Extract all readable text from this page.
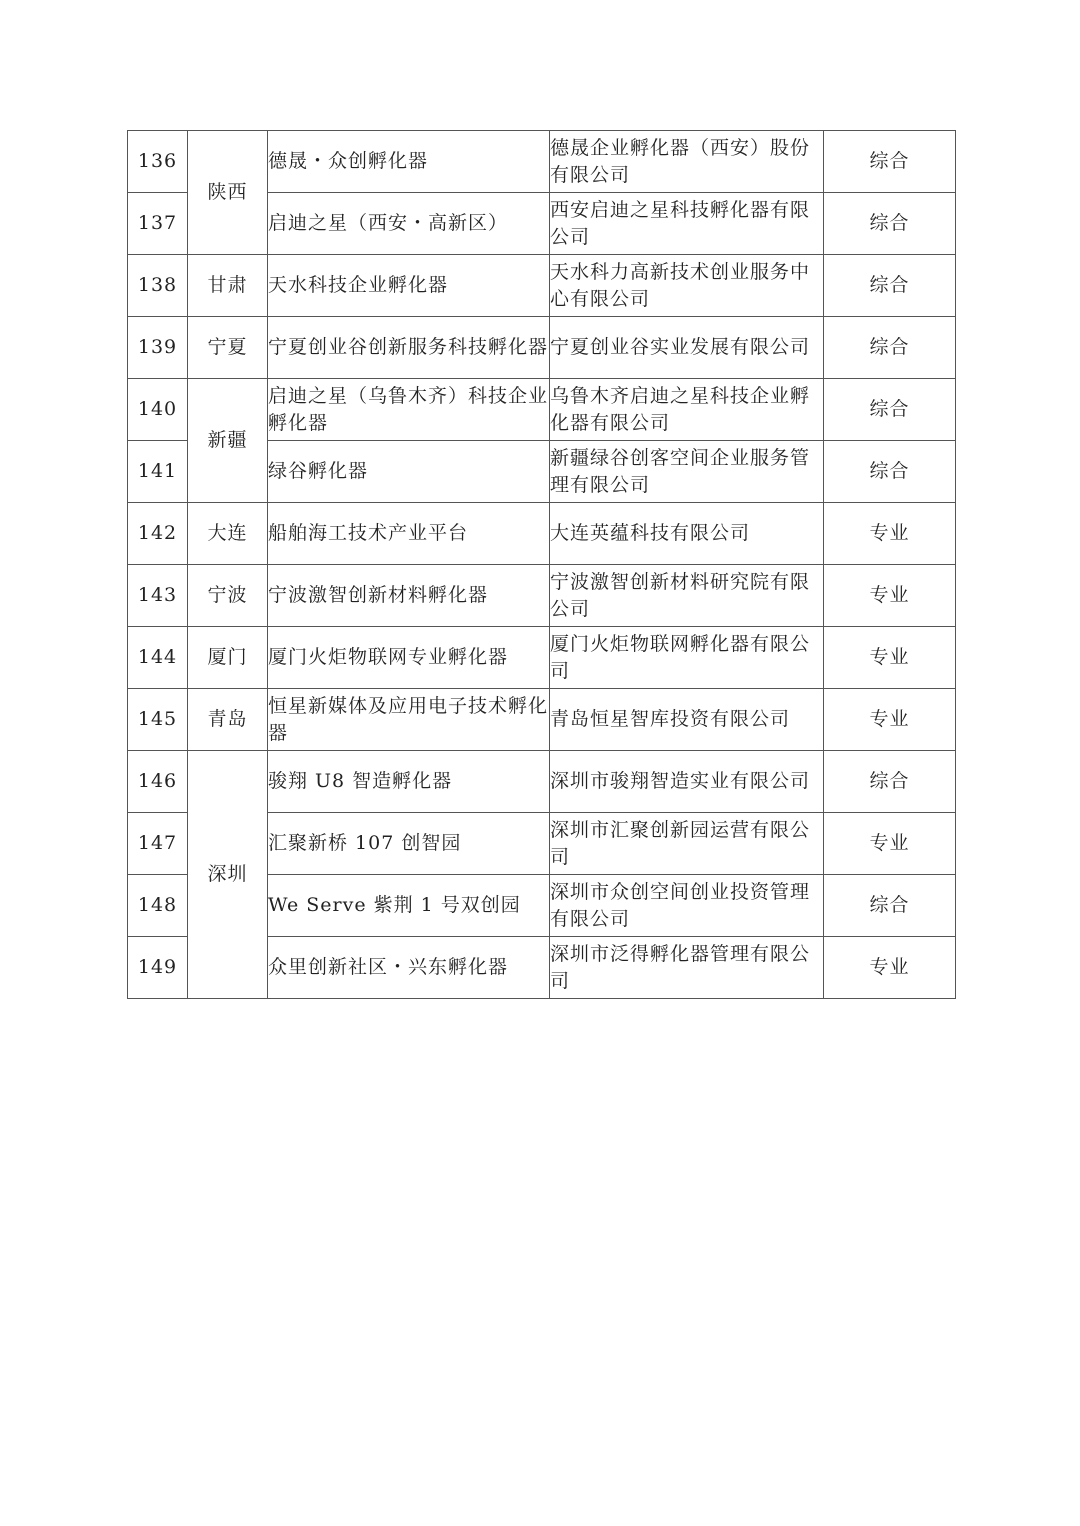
136	陕西	德晟・众创孵化器	德晟企业孵化器（西安）股份有限公司	综合
137		启迪之星（西安・高新区）	西安启迪之星科技孵化器有限公司	综合
138	甘肃	天水科技企业孵化器	天水科力高新技术创业服务中心有限公司	综合
139	宁夏	宁夏创业谷创新服务科技孵化器	宁夏创业谷实业发展有限公司	综合
140	新疆	启迪之星（乌鲁木齐）科技企业孵化器	乌鲁木齐启迪之星科技企业孵化器有限公司	综合
141		绿谷孵化器	新疆绿谷创客空间企业服务管理有限公司	综合
142	大连	船舶海工技术产业平台	大连英蕴科技有限公司	专业
143	宁波	宁波激智创新材料孵化器	宁波激智创新材料研究院有限公司	专业
144	厦门	厦门火炬物联网专业孵化器	厦门火炬物联网孵化器有限公司	专业
145	青岛	恒星新媒体及应用电子技术孵化器	青岛恒星智库投资有限公司	专业
146	深圳	骏翔 U8 智造孵化器	深圳市骏翔智造实业有限公司	综合
147		汇聚新桥 107 创智园	深圳市汇聚创新园运营有限公司	专业
148		We Serve 紫荆 1 号双创园	深圳市众创空间创业投资管理有限公司	综合
149		众里创新社区・兴东孵化器	深圳市泛得孵化器管理有限公司	专业
